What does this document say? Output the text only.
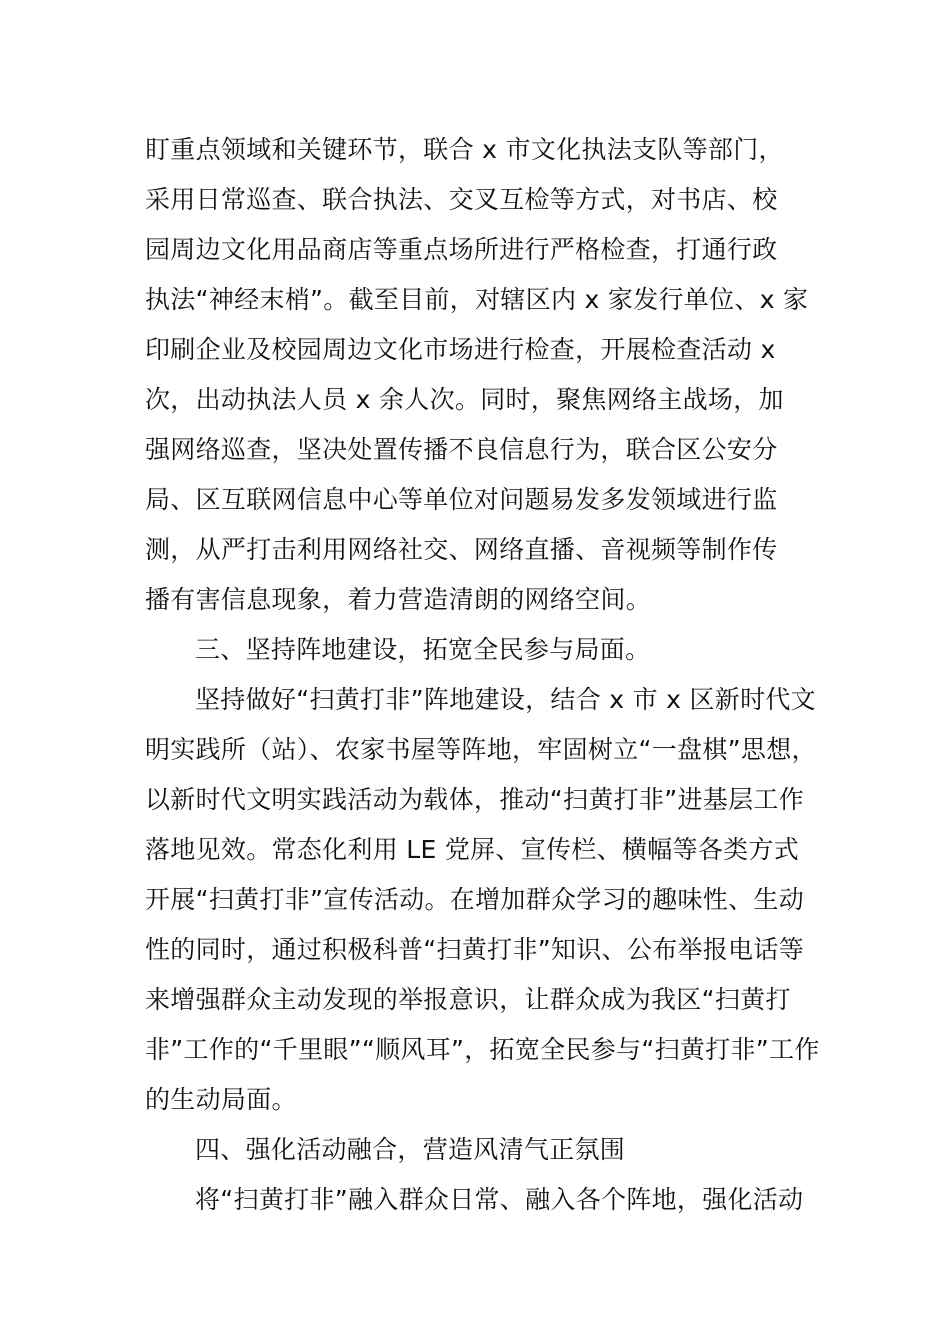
盯重点领域和关键环节，联合 x 市文化执法支队等部门，
采用日常巡查、联合执法、交叉互检等方式，对书店、校
园周边文化用品商店等重点场所进行严格检查，打通行政
执法“神经末梢”。截至目前，对辖区内 x 家发行单位、x 家
印刷企业及校园周边文化市场进行检查，开展检查活动 x
次，出动执法人员 x 余人次。同时，聚焦网络主战场，加
强网络巡查，坚决处置传播不良信息行为，联合区公安分
局、区互联网信息中心等单位对问题易发多发领域进行监
测，从严打击利用网络社交、网络直播、音视频等制作传
播有害信息现象，着力营造清朗的网络空间。
三、坚持阵地建设，拓宽全民参与局面。
坚持做好“扫黄打非”阵地建设，结合 x 市 x 区新时代文
明实践所（站）、农家书屋等阵地，牢固树立“一盘棋”思想，
以新时代文明实践活动为载体，推动“扫黄打非”进基层工作
落地见效。常态化利用 LE 党屏、宣传栏、横幅等各类方式
开展“扫黄打非”宣传活动。在增加群众学习的趣味性、生动
性的同时，通过积极科普“扫黄打非”知识、公布举报电话等
来增强群众主动发现的举报意识，让群众成为我区“扫黄打
非”工作的“千里眼”“顺风耳”，拓宽全民参与“扫黄打非”工作
的生动局面。
四、强化活动融合，营造风清气正氛围
将“扫黄打非”融入群众日常、融入各个阵地，强化活动
